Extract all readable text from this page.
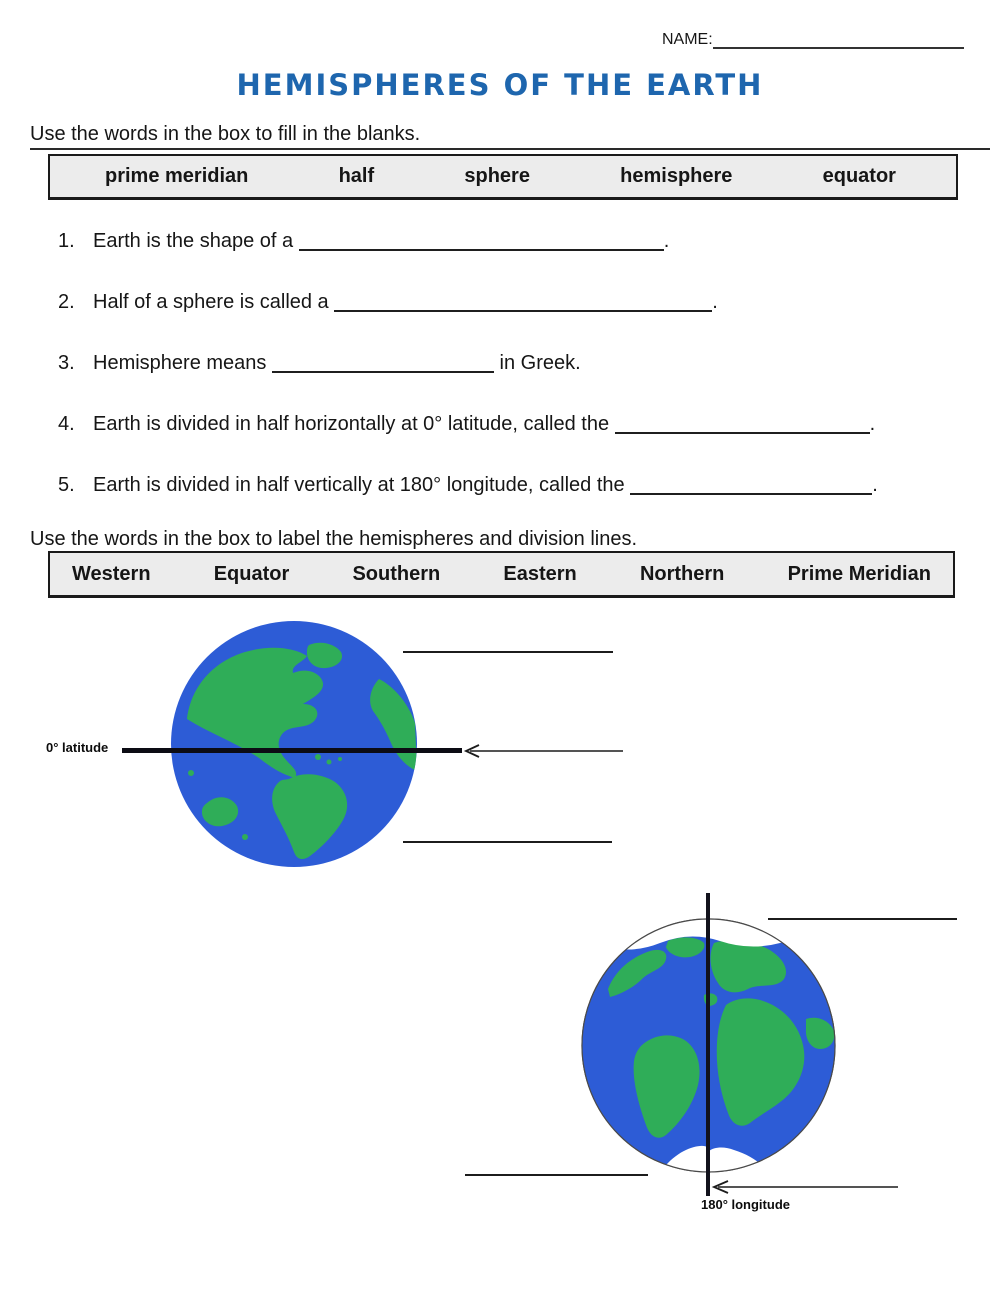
NAME:
HEMISPHERES OF THE EARTH
Use the words in the box to fill in the blanks.
prime meridian	half	sphere	hemisphere	equator
1. Earth is the shape of a	.
2. Half of a sphere is called a	.
3. Hemisphere means	in Greek.
4. Earth is divided in half horizontally at 0° latitude, called the	.
5. Earth is divided in half vertically at 180° longitude, called the	.
Use the words in the box to label the hemispheres and division lines.
Western	Equator	Southern	Eastern	Northern	Prime Meridian
0° latitude
180° longitude
